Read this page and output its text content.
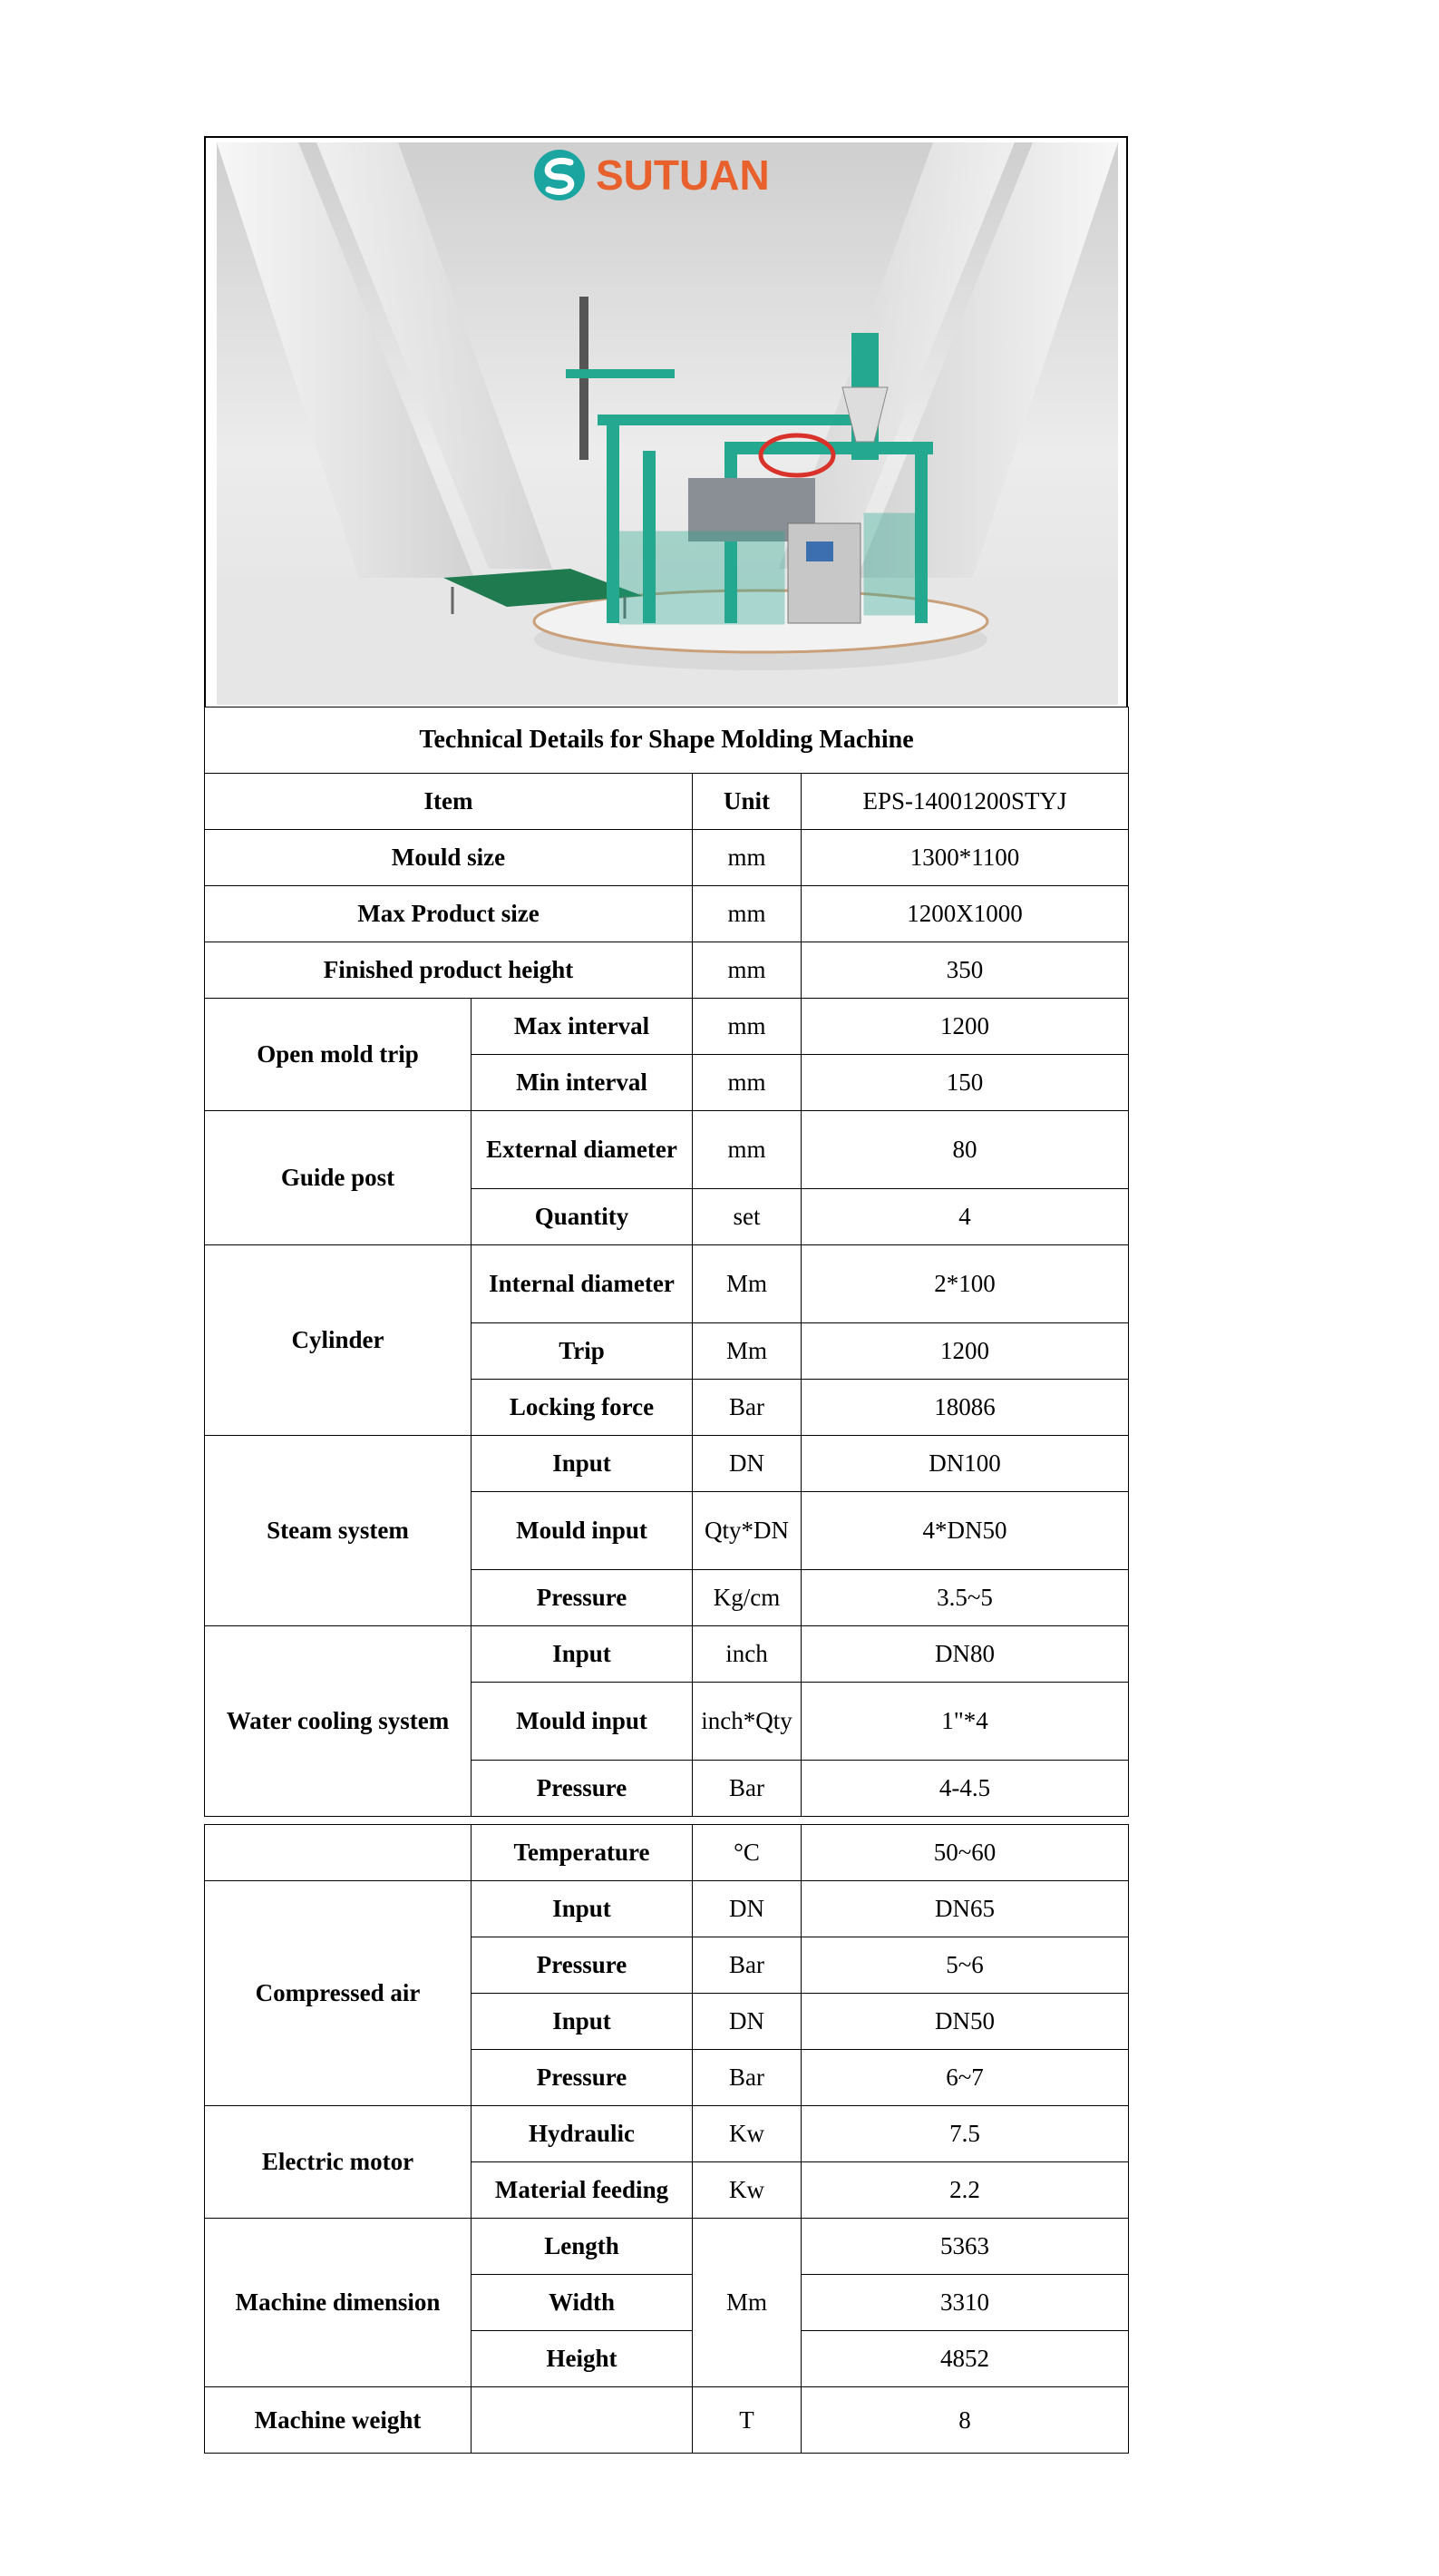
SUTUAN
Technical Details for Shape Molding Machine			
Item		Unit	EPS-14001200STYJ
Mould size		mm	1300*1100
Max Product size		mm	1200X1000
Finished product height		mm	350
Open mold trip	Max interval	mm	1200
	Min interval	mm	150
Guide post	External diameter	mm	80
	Quantity	set	4
Cylinder	Internal diameter	Mm	2*100
	Trip	Mm	1200
	Locking force	Bar	18086
Steam system	Input	DN	DN100
	Mould input	Qty*DN	4*DN50
	Pressure	Kg/cm	3.5~5
Water cooling system	Input	inch	DN80
	Mould input	inch*Qty	1"*4
	Pressure	Bar	4-4.5
	Temperature	°C	50~60
Compressed air	Input	DN	DN65
	Pressure	Bar	5~6
	Input	DN	DN50
	Pressure	Bar	6~7
Electric motor	Hydraulic	Kw	7.5
	Material feeding	Kw	2.2
Machine dimension	Length	Mm	5363
	Width		3310
	Height		4852
Machine weight		T	8
